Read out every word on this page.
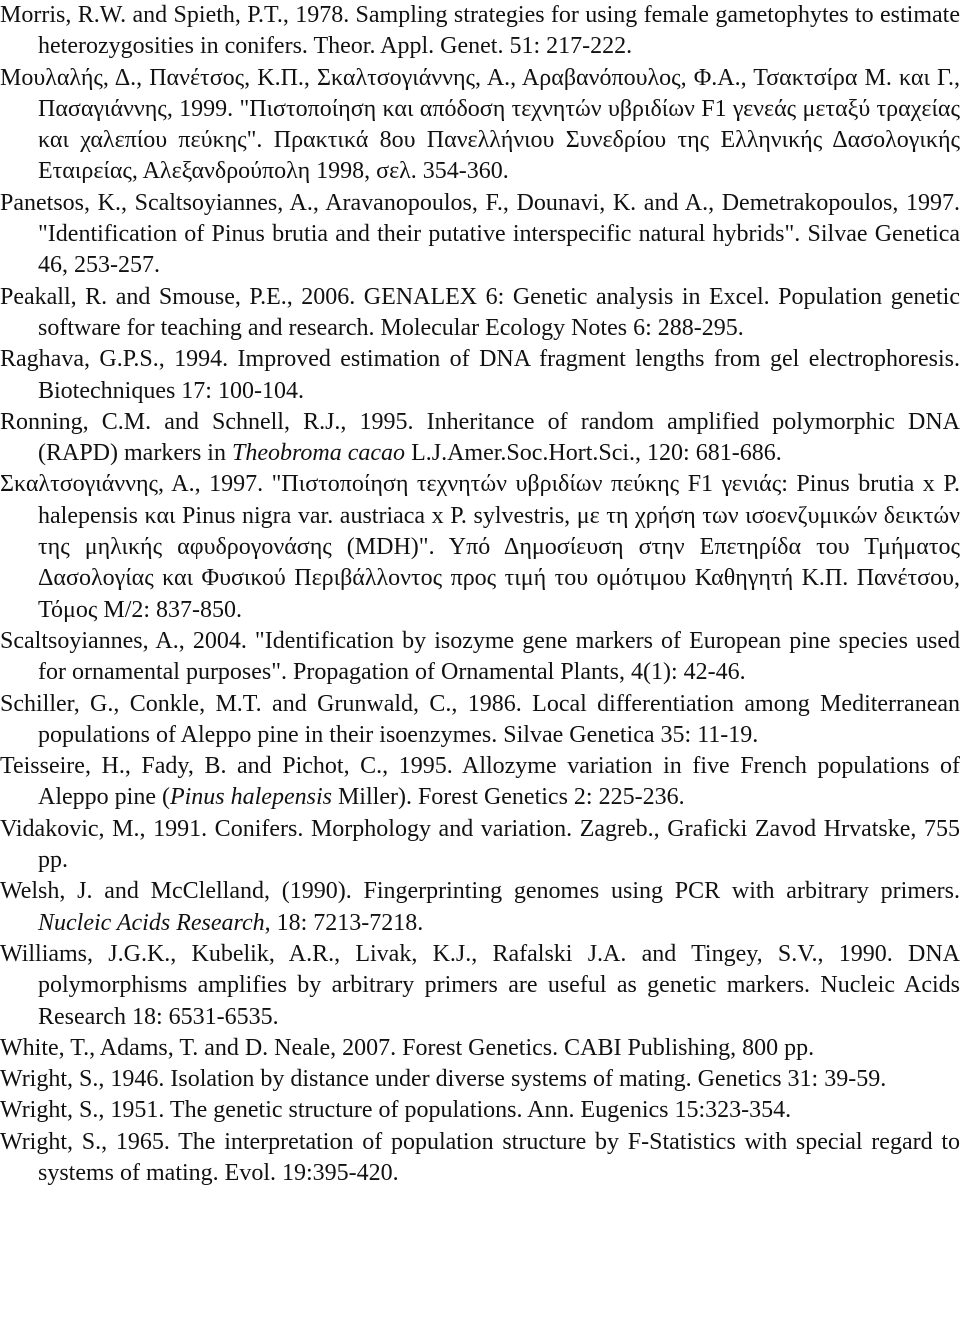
Morris, R.W. and Spieth, P.T., 1978. Sampling strategies for using female gametophytes to estimate heterozygosities in conifers. Theor. Appl. Genet. 51: 217-222.

Μουλαλής, Δ., Πανέτσος, Κ.Π., Σκαλτσογιάννης, Α., Αραβανόπουλος, Φ.Α., Τσακτσίρα Μ. και Γ., Πασαγιάννης, 1999. "Πιστοποίηση και απόδοση τεχνητών υβριδίων F1 γενεάς μεταξύ τραχείας και χαλεπίου πεύκης". Πρακτικά 8ου Πανελλήνιου Συνεδρίου της Ελληνικής Δασολογικής Εταιρείας, Αλεξανδρούπολη 1998, σελ. 354-360.

Panetsos, K., Scaltsoyiannes, A., Aravanopoulos, F., Dounavi, K. and A., Demetrakopoulos, 1997. "Identification of Pinus brutia and their putative interspecific natural hybrids". Silvae Genetica 46, 253-257.

Peakall, R. and Smouse, P.E., 2006. GENALEX 6: Genetic analysis in Excel. Population genetic software for teaching and research. Molecular Ecology Notes 6: 288-295.

Raghava, G.P.S., 1994. Improved estimation of DNA fragment lengths from gel electrophoresis. Biotechniques 17: 100-104.

Ronning, C.M. and Schnell, R.J., 1995. Inheritance of random amplified polymorphic DNA (RAPD) markers in Theobroma cacao L.J.Amer.Soc.Hort.Sci., 120: 681-686.

Σκαλτσογιάννης, Α., 1997. "Πιστοποίηση τεχνητών υβριδίων πεύκης F1 γενιάς: Pinus brutia x P. halepensis και Pinus nigra var. austriaca x P. sylvestris, με τη χρήση των ισοενζυμικών δεικτών της μηλικής αφυδρογονάσης (MDH)". Υπό Δημοσίευση στην Επετηρίδα του Τμήματος Δασολογίας και Φυσικού Περιβάλλοντος προς τιμή του ομότιμου Καθηγητή Κ.Π. Πανέτσου, Τόμος Μ/2: 837-850.

Scaltsoyiannes, A., 2004. "Identification by isozyme gene markers of European pine species used for ornamental purposes". Propagation of Ornamental Plants, 4(1): 42-46.

Schiller, G., Conkle, M.T. and Grunwald, C., 1986. Local differentiation among Mediterranean populations of Aleppo pine in their isoenzymes. Silvae Genetica 35: 11-19.

Teisseire, H., Fady, B. and Pichot, C., 1995. Allozyme variation in five French populations of Aleppo pine (Pinus halepensis Miller). Forest Genetics 2: 225-236.

Vidakovic, M., 1991. Conifers. Morphology and variation. Zagreb., Graficki Zavod Hrvatske, 755 pp.

Welsh, J. and McClelland, (1990). Fingerprinting genomes using PCR with arbitrary primers. Nucleic Acids Research, 18: 7213-7218.

Williams, J.G.K., Kubelik, A.R., Livak, K.J., Rafalski J.A. and Tingey, S.V., 1990. DNA polymorphisms amplifies by arbitrary primers are useful as genetic markers. Nucleic Acids Research 18: 6531-6535.

White, T., Adams, T. and D. Neale, 2007. Forest Genetics. CABI Publishing, 800 pp.

Wright, S., 1946. Isolation by distance under diverse systems of mating. Genetics 31: 39-59.

Wright, S., 1951. The genetic structure of populations. Ann. Eugenics 15:323-354.

Wright, S., 1965. The interpretation of population structure by F-Statistics with special regard to systems of mating. Evol. 19:395-420.
